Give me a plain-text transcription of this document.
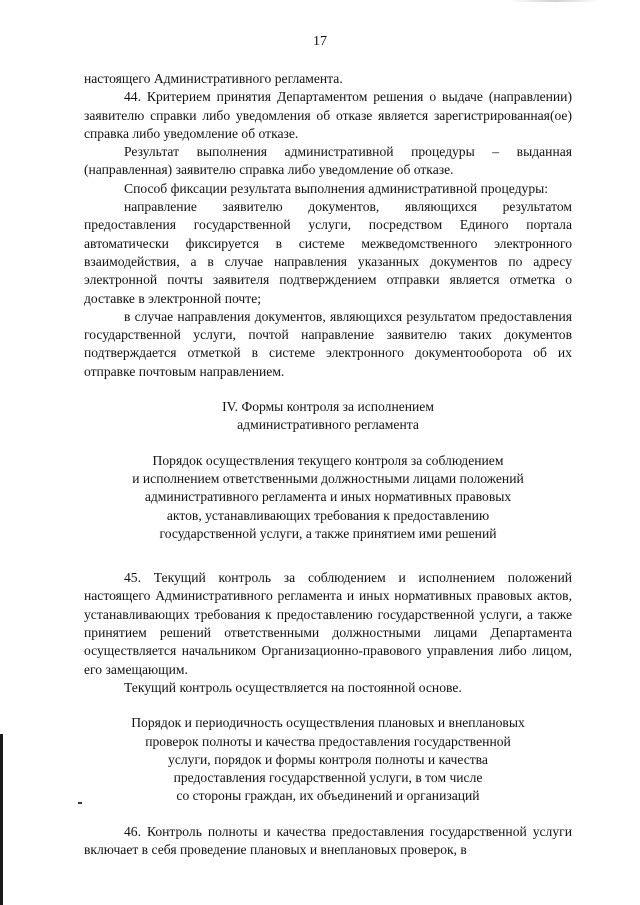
17

настоящего Административного регламента.

44. Критерием принятия Департаментом решения о выдаче (направлении) заявителю справки либо уведомления об отказе является зарегистрированная(ое) справка либо уведомление об отказе.

Результат выполнения административной процедуры – выданная (направленная) заявителю справка либо уведомление об отказе.

Способ фиксации результата выполнения административной процедуры:

направление заявителю документов, являющихся результатом предоставления государственной услуги, посредством Единого портала автоматически фиксируется в системе межведомственного электронного взаимодействия, а в случае направления указанных документов по адресу электронной почты заявителя подтверждением отправки является отметка о доставке в электронной почте;

в случае направления документов, являющихся результатом предоставления государственной услуги, почтой направление заявителю таких документов подтверждается отметкой в системе электронного документооборота об их отправке почтовым направлением.

IV. Формы контроля за исполнением
административного регламента

Порядок осуществления текущего контроля за соблюдением
и исполнением ответственными должностными лицами положений
административного регламента и иных нормативных правовых
актов, устанавливающих требования к предоставлению
государственной услуги, а также принятием ими решений

45. Текущий контроль за соблюдением и исполнением положений настоящего Административного регламента и иных нормативных правовых актов, устанавливающих требования к предоставлению государственной услуги, а также принятием решений ответственными должностными лицами Департамента осуществляется начальником Организационно-правового управления либо лицом, его замещающим.

Текущий контроль осуществляется на постоянной основе.

Порядок и периодичность осуществления плановых и внеплановых
проверок полноты и качества предоставления государственной
услуги, порядок и формы контроля полноты и качества
предоставления государственной услуги, в том числе
со стороны граждан, их объединений и организаций

46. Контроль полноты и качества предоставления государственной услуги включает в себя проведение плановых и внеплановых проверок, в
